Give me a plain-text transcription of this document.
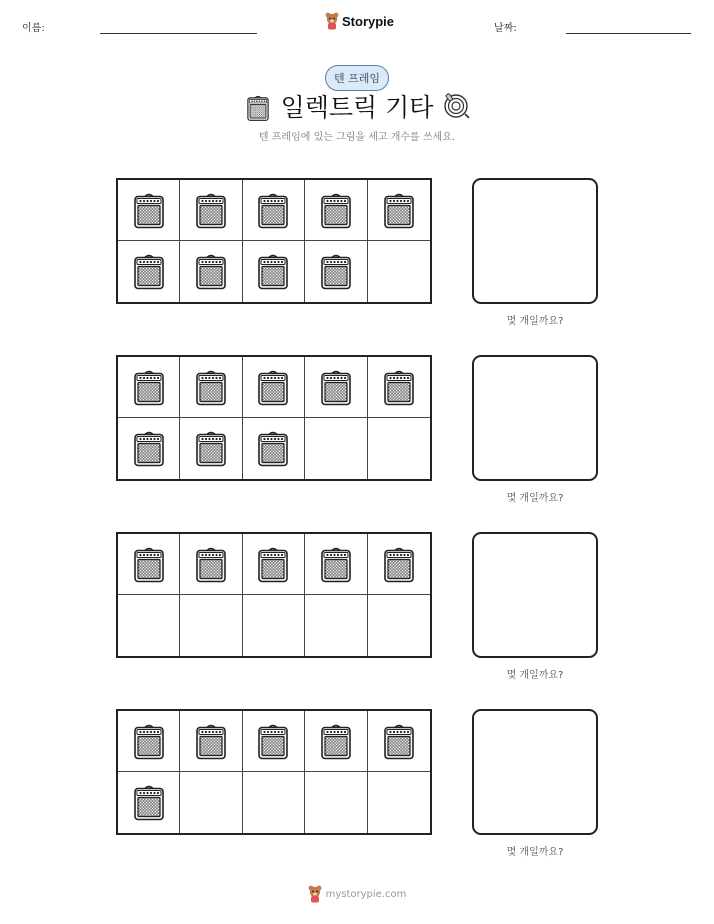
이름:	Storypie	날짜:
텐 프레임
일렉트릭 기타
텐 프레임에 있는 그림을 세고 개수를 쓰세요.
몇 개일까요?
몇 개일까요?
몇 개일까요?
몇 개일까요?
mystorypie.com
